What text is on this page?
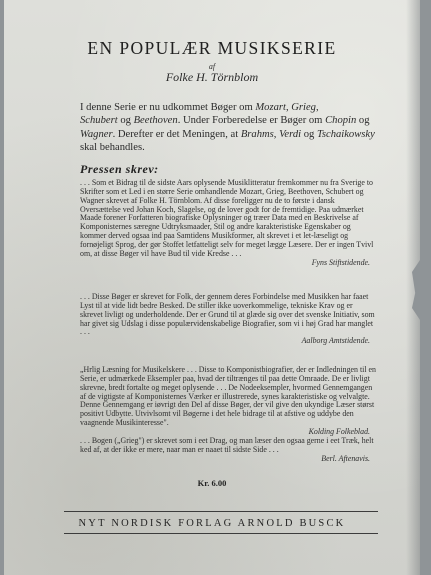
EN POPULÆR MUSIKSERIE
af
Folke H. Törnblom
I denne Serie er nu udkommet Bøger om Mozart, Grieg,
Schubert og Beethoven. Under Forberedelse er Bøger om Chopin og Wagner. Derefter er det Meningen, at Brahms, Verdi og Tschaikowsky skal behandles.
Pressen skrev:
. . . Som et Bidrag til de sidste Aars oplysende Musiklitteratur fremkommer nu fra Sverige to Skrifter som et Led i en større Serie omhandlende Mozart, Grieg, Beethoven, Schubert og Wagner skrevet af Folke H. Törnblom. Af disse foreligger nu de to første i dansk Oversættelse ved Johan Koch, Slagelse, og de lover godt for de fremtidige. Paa udmærket Maade forener Forfatteren biografiske Oplysninger og træer Data med en Beskrivelse af Komponisternes særegne Udtryksmaader, Stil og andre karakteristiske Egenskaber og kommer derved ogsaa ind paa Samtidens Musikformer, alt skrevet i et let-læseligt og fornøjeligt Sprog, der gør Stoffet letfatteligt selv for meget lægge Læsere. Der er ingen Tvivl om, at disse Bøger vil have Bud til vide Kredse . . .
Fyns Stiftstidende.
. . . Disse Bøger er skrevet for Folk, der gennem deres Forbindelse med Musikken har faaet Lyst til at vide lidt bedre Besked. De stiller ikke uoverkommelige, tekniske Krav og er skrevet livligt og underholdende. Der er Grund til at glæde sig over det svenske Initiativ, som har givet sig Udslag i disse populærvidenskabelige Biografier, som vi i høj Grad har manglet . . .
Aalborg Amtstidende.
„Hrlig Læsning for Musikelskere . . . Disse to Komponistbiografier, der er Indledningen til en Serie, er udmærkede Eksempler paa, hvad der tiltrænges til paa dette Omraade. De er livligt skrevne, bredt fortalte og meget oplysende . . . De Nodeeksempler, hvormed Gennemgangen af de vigtigste af Komponisternes Værker er illustrerede, synes karakteristiske og velvalgte. Denne Gennemgang er iøvrigt den Del af disse Bøger, der vil give den ukyndige Læser størst positivt Udbytte. Utvivlsomt vil Bøgerne i det hele bidrage til at afstive og uddybe den vaagnende Musikinteresse".
Kolding Folkeblad.
. . . Bogen („Grieg") er skrevet som i eet Drag, og man læser den ogsaa gerne i eet Træk, helt ked af, at der ikke er mere, naar man er naaet til sidste Side . . .
Berl. Aftenavis.
Kr. 6.00
NYT NORDISK FORLAG ARNOLD BUSCK
